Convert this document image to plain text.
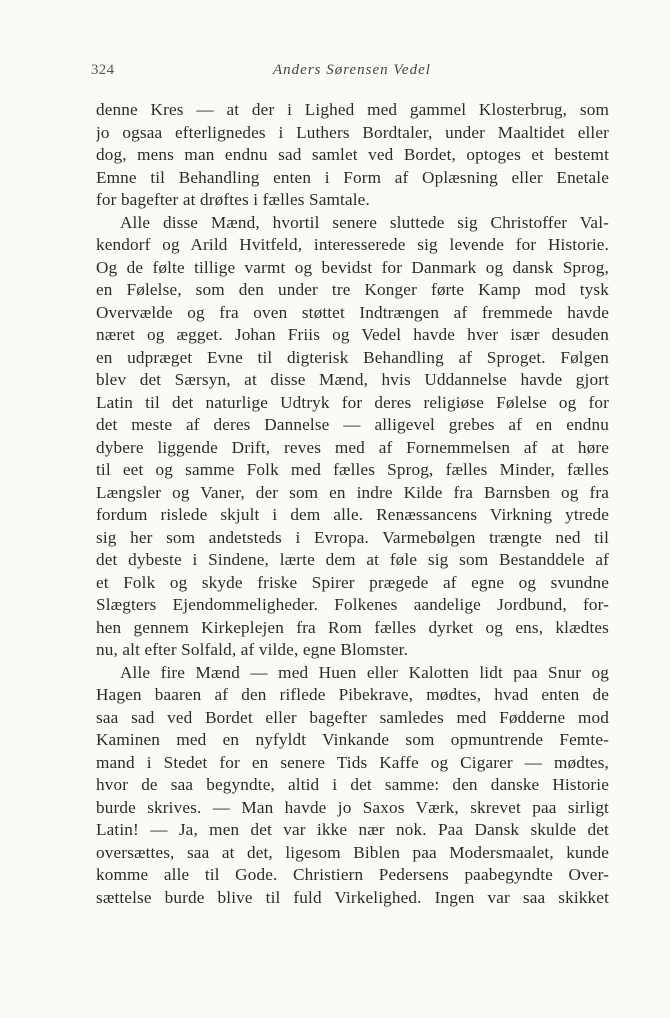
324	Anders Sørensen Vedel
denne Kres — at der i Lighed med gammel Klosterbrug, som
jo ogsaa efterlignedes i Luthers Bordtaler, under Maaltidet eller
dog, mens man endnu sad samlet ved Bordet, optoges et bestemt
Emne til Behandling enten i Form af Oplæsning eller Enetale
for bagefter at drøftes i fælles Samtale.
Alle disse Mænd, hvortil senere sluttede sig Christoffer Val-
kendorf og Arild Hvitfeld, interesserede sig levende for Historie.
Og de følte tillige varmt og bevidst for Danmark og dansk Sprog,
en Følelse, som den under tre Konger førte Kamp mod tysk
Overvælde og fra oven støttet Indtrængen af fremmede havde
næret og ægget. Johan Friis og Vedel havde hver især desuden
en udpræget Evne til digterisk Behandling af Sproget. Følgen
blev det Særsyn, at disse Mænd, hvis Uddannelse havde gjort
Latin til det naturlige Udtryk for deres religiøse Følelse og for
det meste af deres Dannelse — alligevel grebes af en endnu
dybere liggende Drift, reves med af Fornemmelsen af at høre
til eet og samme Folk med fælles Sprog, fælles Minder, fælles
Længsler og Vaner, der som en indre Kilde fra Barnsben og fra
fordum rislede skjult i dem alle. Renæssancens Virkning ytrede
sig her som andetsteds i Evropa. Varmebølgen trængte ned til
det dybeste i Sindene, lærte dem at føle sig som Bestanddele af
et Folk og skyde friske Spirer prægede af egne og svundne
Slægters Ejendommeligheder. Folkenes aandelige Jordbund, for-
hen gennem Kirkeplejen fra Rom fælles dyrket og ens, klædtes
nu, alt efter Solfald, af vilde, egne Blomster.
Alle fire Mænd — med Huen eller Kalotten lidt paa Snur og
Hagen baaren af den riflede Pibekrave, mødtes, hvad enten de
saa sad ved Bordet eller bagefter samledes med Fødderne mod
Kaminen med en nyfyldt Vinkande som opmuntrende Femte-
mand i Stedet for en senere Tids Kaffe og Cigarer — mødtes,
hvor de saa begyndte, altid i det samme: den danske Historie
burde skrives. — Man havde jo Saxos Værk, skrevet paa sirligt
Latin! — Ja, men det var ikke nær nok. Paa Dansk skulde det
oversættes, saa at det, ligesom Biblen paa Modersmaalet, kunde
komme alle til Gode. Christiern Pedersens paabegyndte Over-
sættelse burde blive til fuld Virkelighed. Ingen var saa skikket
